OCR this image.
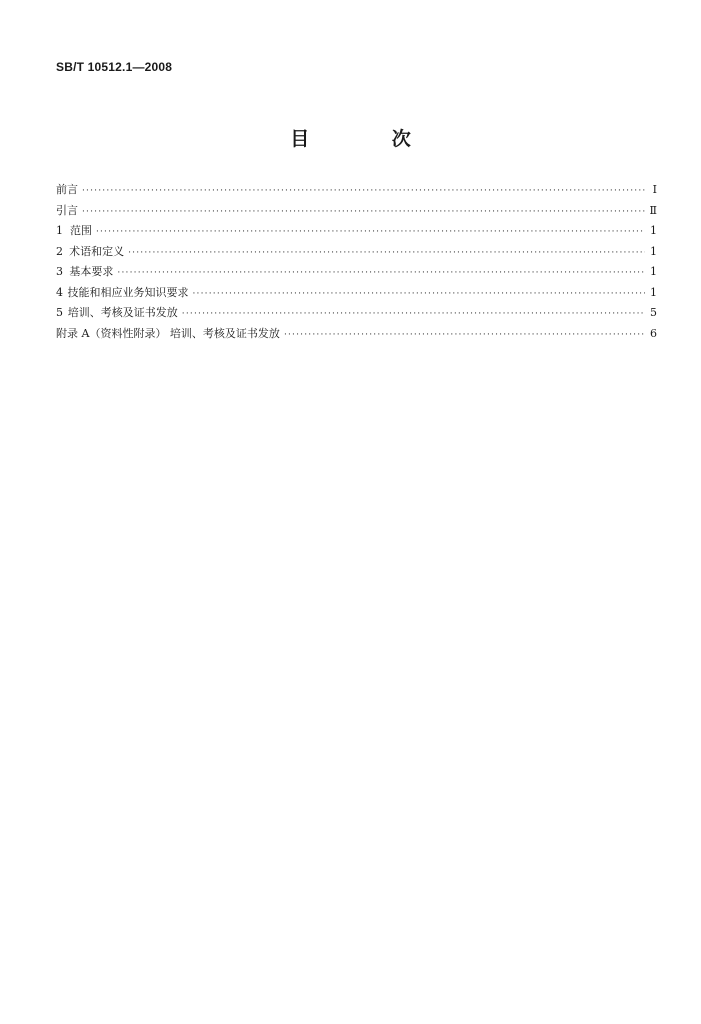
SB/T 10512.1—2008
目 次
前言 ·····	Ⅰ
引言 ·····	Ⅱ
1 范围 ·····	1
2 术语和定义 ·····	1
3 基本要求 ·····	1
4 技能和相应业务知识要求 ·····	1
5 培训、考核及证书发放 ·····	5
附录 A（资料性附录） 培训、考核及证书发放 ·····	6
